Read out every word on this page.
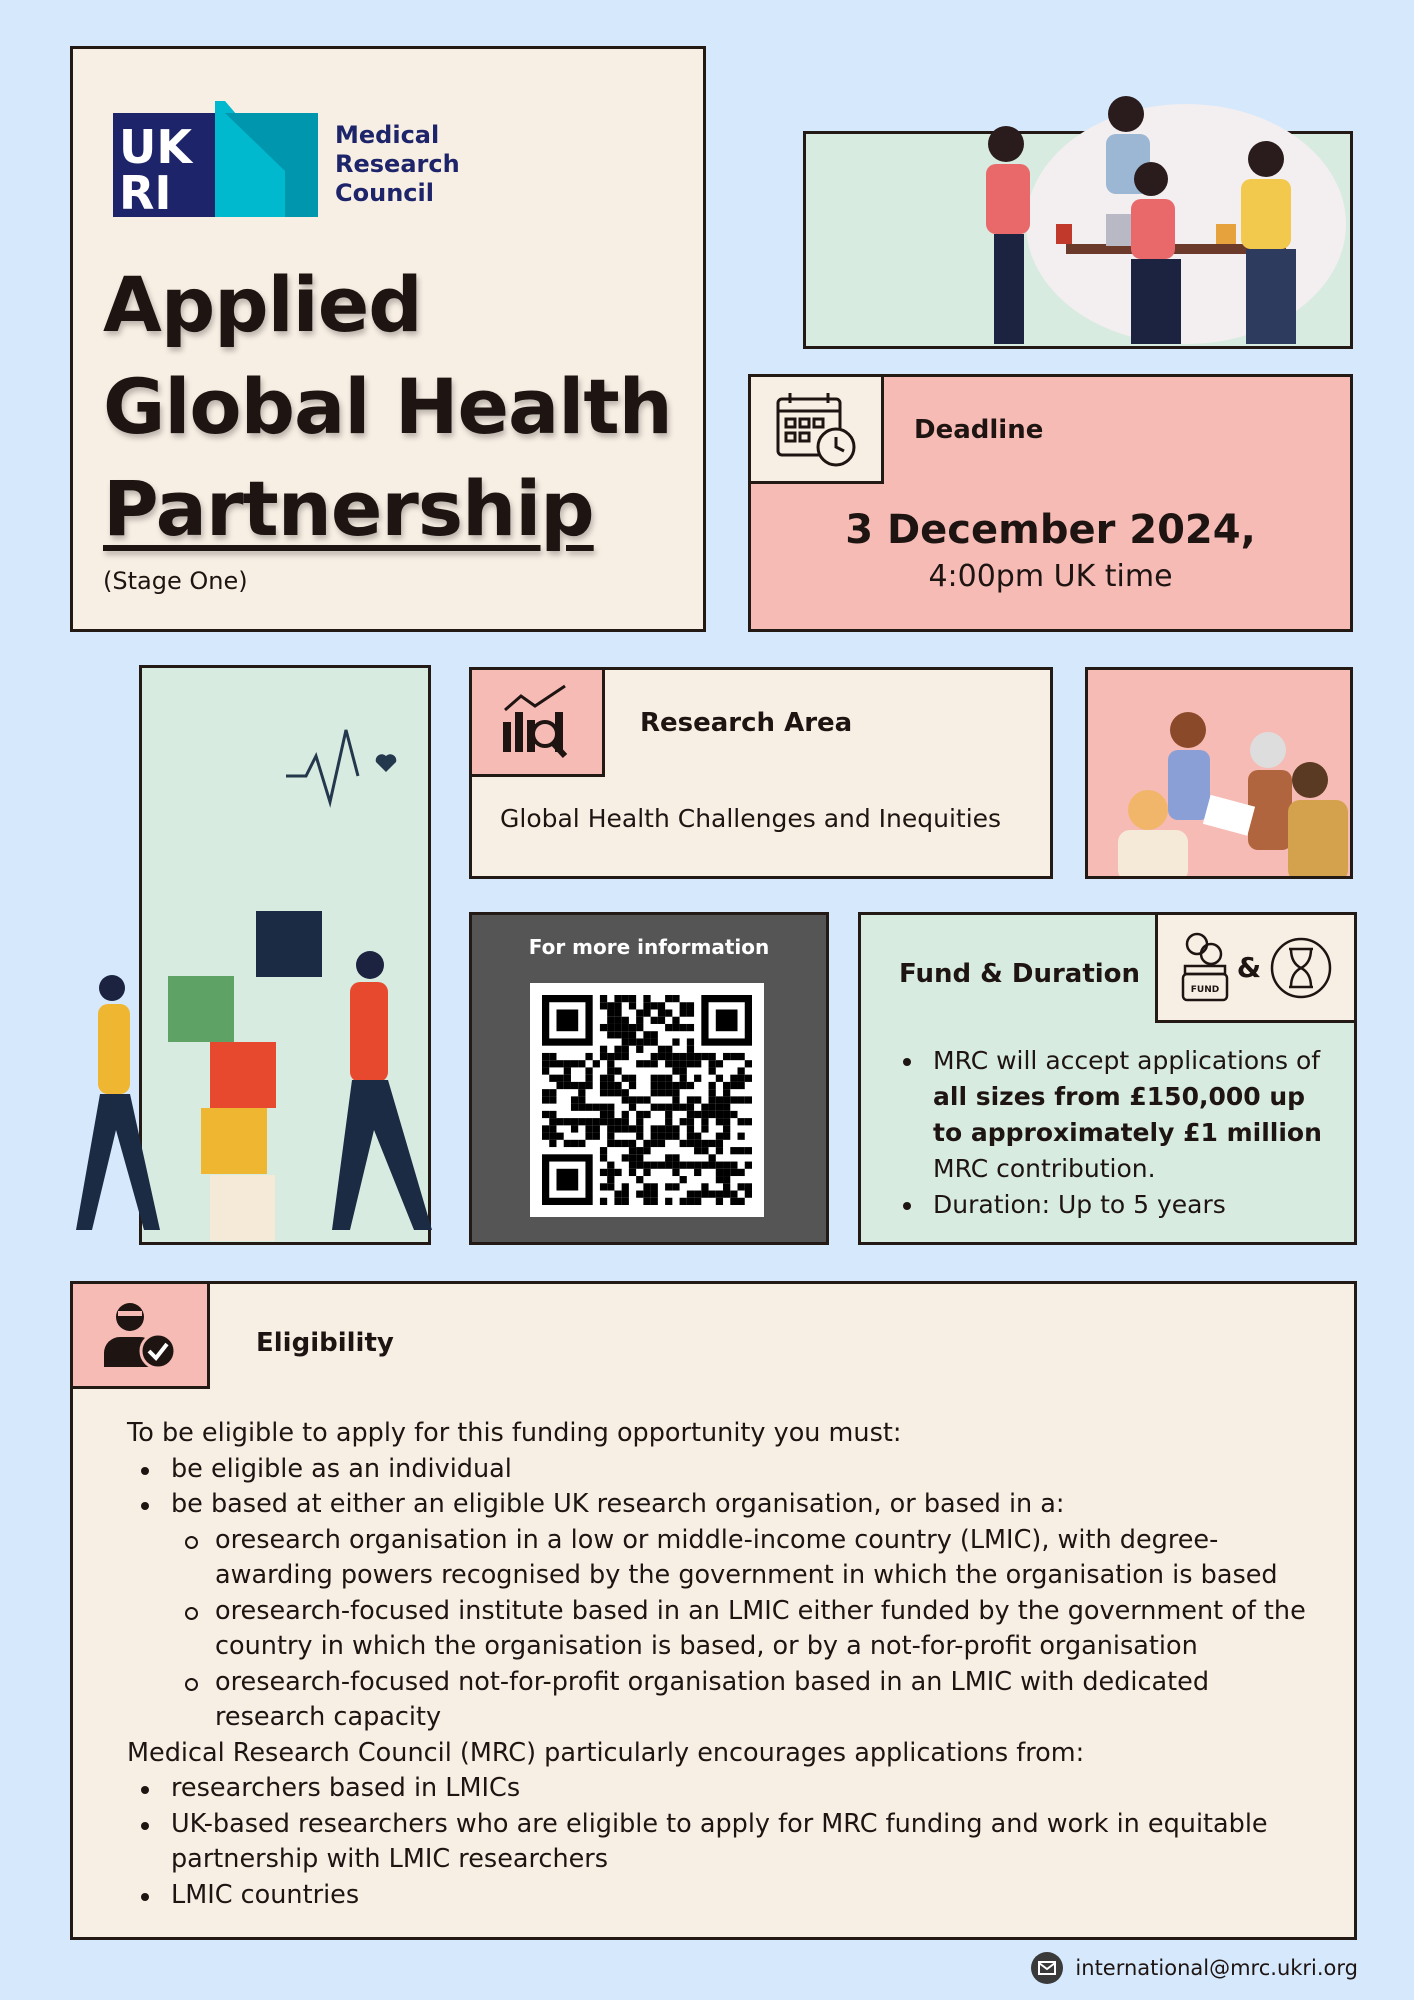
UK
RI
Medical
Research
Council
Applied
Global Health
Partnership
(Stage One)
Deadline
3 December 2024,
4:00pm UK time
Research Area
Global Health Challenges and Inequities
For more information
Fund & Duration
FUND
&
MRC will accept applications of all sizes from £150,000 up to approximately £1 million MRC contribution.
Duration: Up to 5 years
Eligibility
To be eligible to apply for this funding opportunity you must:
be eligible as an individual
be based at either an eligible UK research organisation, or based in a:
oresearch organisation in a low or middle-income country (LMIC), with degree-awarding powers recognised by the government in which the organisation is based
oresearch-focused institute based in an LMIC either funded by the government of the country in which the organisation is based, or by a not-for-profit organisation
oresearch-focused not-for-profit organisation based in an LMIC with dedicated research capacity
Medical Research Council (MRC) particularly encourages applications from:
researchers based in LMICs
UK-based researchers who are eligible to apply for MRC funding and work in equitable partnership with LMIC researchers
LMIC countries
international@mrc.ukri.org
